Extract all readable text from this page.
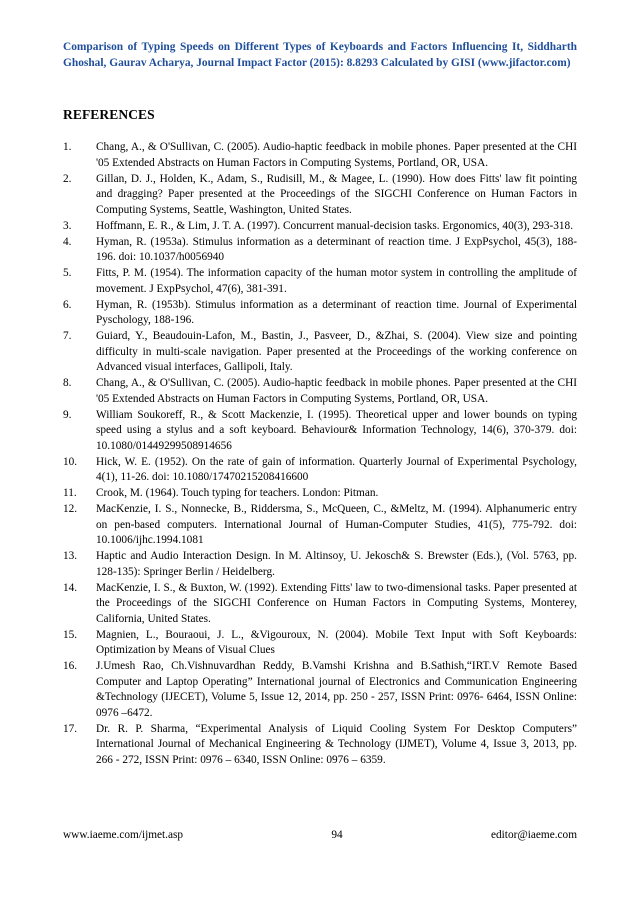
Comparison of Typing Speeds on Different Types of Keyboards and Factors Influencing It, Siddharth Ghoshal, Gaurav Acharya, Journal Impact Factor (2015): 8.8293 Calculated by GISI (www.jifactor.com)
REFERENCES
1.	Chang, A., & O'Sullivan, C. (2005). Audio-haptic feedback in mobile phones. Paper presented at the CHI '05 Extended Abstracts on Human Factors in Computing Systems, Portland, OR, USA.
2.	Gillan, D. J., Holden, K., Adam, S., Rudisill, M., & Magee, L. (1990). How does Fitts' law fit pointing and dragging? Paper presented at the Proceedings of the SIGCHI Conference on Human Factors in Computing Systems, Seattle, Washington, United States.
3.	Hoffmann, E. R., & Lim, J. T. A. (1997). Concurrent manual-decision tasks. Ergonomics, 40(3), 293-318.
4.	Hyman, R. (1953a). Stimulus information as a determinant of reaction time. J ExpPsychol, 45(3), 188-196. doi: 10.1037/h0056940
5.	Fitts, P. M. (1954). The information capacity of the human motor system in controlling the amplitude of movement. J ExpPsychol, 47(6), 381-391.
6.	Hyman, R. (1953b). Stimulus information as a determinant of reaction time. Journal of Experimental Pyschology, 188-196.
7.	Guiard, Y., Beaudouin-Lafon, M., Bastin, J., Pasveer, D., &Zhai, S. (2004). View size and pointing difficulty in multi-scale navigation. Paper presented at the Proceedings of the working conference on Advanced visual interfaces, Gallipoli, Italy.
8.	Chang, A., & O'Sullivan, C. (2005). Audio-haptic feedback in mobile phones. Paper presented at the CHI '05 Extended Abstracts on Human Factors in Computing Systems, Portland, OR, USA.
9.	William Soukoreff, R., & Scott Mackenzie, I. (1995). Theoretical upper and lower bounds on typing speed using a stylus and a soft keyboard. Behaviour& Information Technology, 14(6), 370-379. doi: 10.1080/01449299508914656
10.	Hick, W. E. (1952). On the rate of gain of information. Quarterly Journal of Experimental Psychology, 4(1), 11-26. doi: 10.1080/17470215208416600
11.	Crook, M. (1964). Touch typing for teachers. London: Pitman.
12.	MacKenzie, I. S., Nonnecke, B., Riddersma, S., McQueen, C., &Meltz, M. (1994). Alphanumeric entry on pen-based computers. International Journal of Human-Computer Studies, 41(5), 775-792. doi: 10.1006/ijhc.1994.1081
13.	Haptic and Audio Interaction Design. In M. Altinsoy, U. Jekosch& S. Brewster (Eds.), (Vol. 5763, pp. 128-135): Springer Berlin / Heidelberg.
14.	MacKenzie, I. S., & Buxton, W. (1992). Extending Fitts' law to two-dimensional tasks. Paper presented at the Proceedings of the SIGCHI Conference on Human Factors in Computing Systems, Monterey, California, United States.
15.	Magnien, L., Bouraoui, J. L., &Vigouroux, N. (2004). Mobile Text Input with Soft Keyboards: Optimization by Means of Visual Clues
16.	J.Umesh Rao, Ch.Vishnuvardhan Reddy, B.Vamshi Krishna and B.Sathish,“IRT.V Remote Based Computer and Laptop Operating” International journal of Electronics and Communication Engineering &Technology (IJECET), Volume 5, Issue 12, 2014, pp. 250 - 257, ISSN Print: 0976- 6464, ISSN Online: 0976 –6472.
17.	Dr. R. P. Sharma, “Experimental Analysis of Liquid Cooling System For Desktop Computers” International Journal of Mechanical Engineering & Technology (IJMET), Volume 4, Issue 3, 2013, pp. 266 - 272, ISSN Print: 0976 – 6340, ISSN Online: 0976 – 6359.
www.iaeme.com/ijmet.asp	94	editor@iaeme.com
